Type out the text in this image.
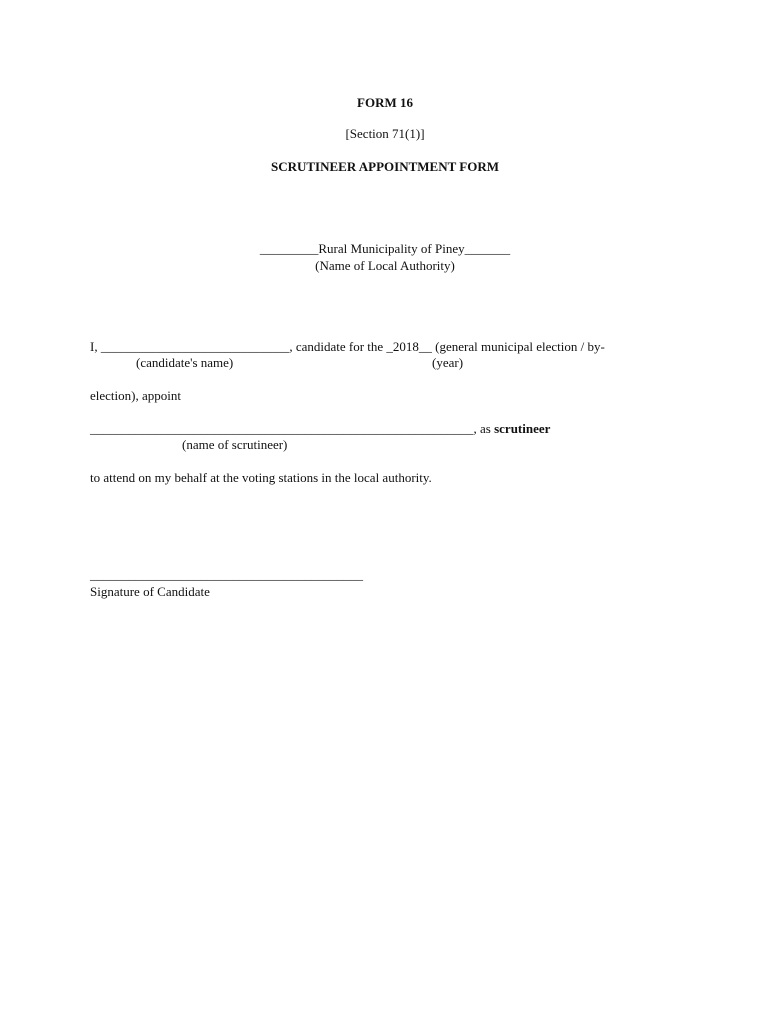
FORM 16
[Section 71(1)]
SCRUTINEER APPOINTMENT FORM
_________Rural Municipality of Piney_______
(Name of Local Authority)
I, _____________________________, candidate for the _2018__ (general municipal election / by-
(candidate's name)	(year)
election), appoint
___________________________________________________________, as scrutineer
(name of scrutineer)
to attend on my behalf at the voting stations in the local authority.
__________________________________________
Signature of Candidate
